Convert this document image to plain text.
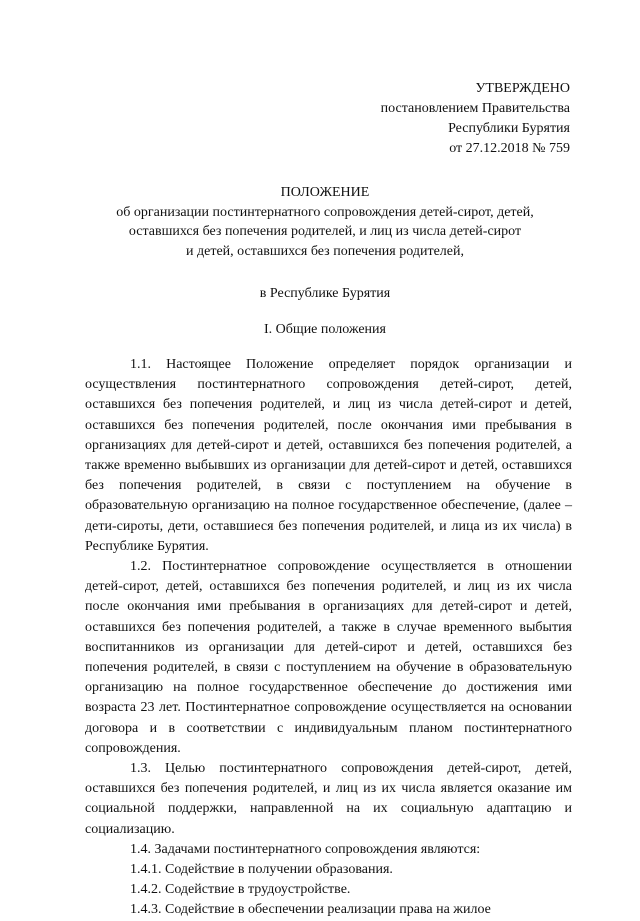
УТВЕРЖДЕНО
постановлением Правительства
Республики Бурятия
от 27.12.2018 № 759
ПОЛОЖЕНИЕ
об организации постинтернатного сопровождения детей-сирот, детей,
оставшихся без попечения родителей, и лиц из числа детей-сирот
и детей, оставшихся без попечения родителей,
в Республике Бурятия
I. Общие положения

1.1. Настоящее Положение определяет порядок организации и осуществления постинтернатного сопровождения детей-сирот, детей, оставшихся без попечения родителей, и лиц из числа детей-сирот и детей, оставшихся без попечения родителей, после окончания ими пребывания в организациях для детей-сирот и детей, оставшихся без попечения родителей, а также временно выбывших из организации для детей-сирот и детей, оставшихся без попечения родителей, в связи с поступлением на обучение в образовательную организацию на полное государственное обеспечение, (далее – дети-сироты, дети, оставшиеся без попечения родителей, и лица из их числа) в Республике Бурятия.

1.2. Постинтернатное сопровождение осуществляется в отношении детей-сирот, детей, оставшихся без попечения родителей, и лиц из их числа после окончания ими пребывания в организациях для детей-сирот и детей, оставшихся без попечения родителей, а также в случае временного выбытия воспитанников из организации для детей-сирот и детей, оставшихся без попечения родителей, в связи с поступлением на обучение в образовательную организацию на полное государственное обеспечение до достижения ими возраста 23 лет. Постинтернатное сопровождение осуществляется на основании договора и в соответствии с индивидуальным планом постинтернатного сопровождения.

1.3. Целью постинтернатного сопровождения детей-сирот, детей, оставшихся без попечения родителей, и лиц из их числа является оказание им социальной поддержки, направленной на их социальную адаптацию и социализацию.

1.4. Задачами постинтернатного сопровождения являются:

1.4.1. Содействие в получении образования.

1.4.2. Содействие в трудоустройстве.

1.4.3. Содействие в обеспечении реализации права на жилое
